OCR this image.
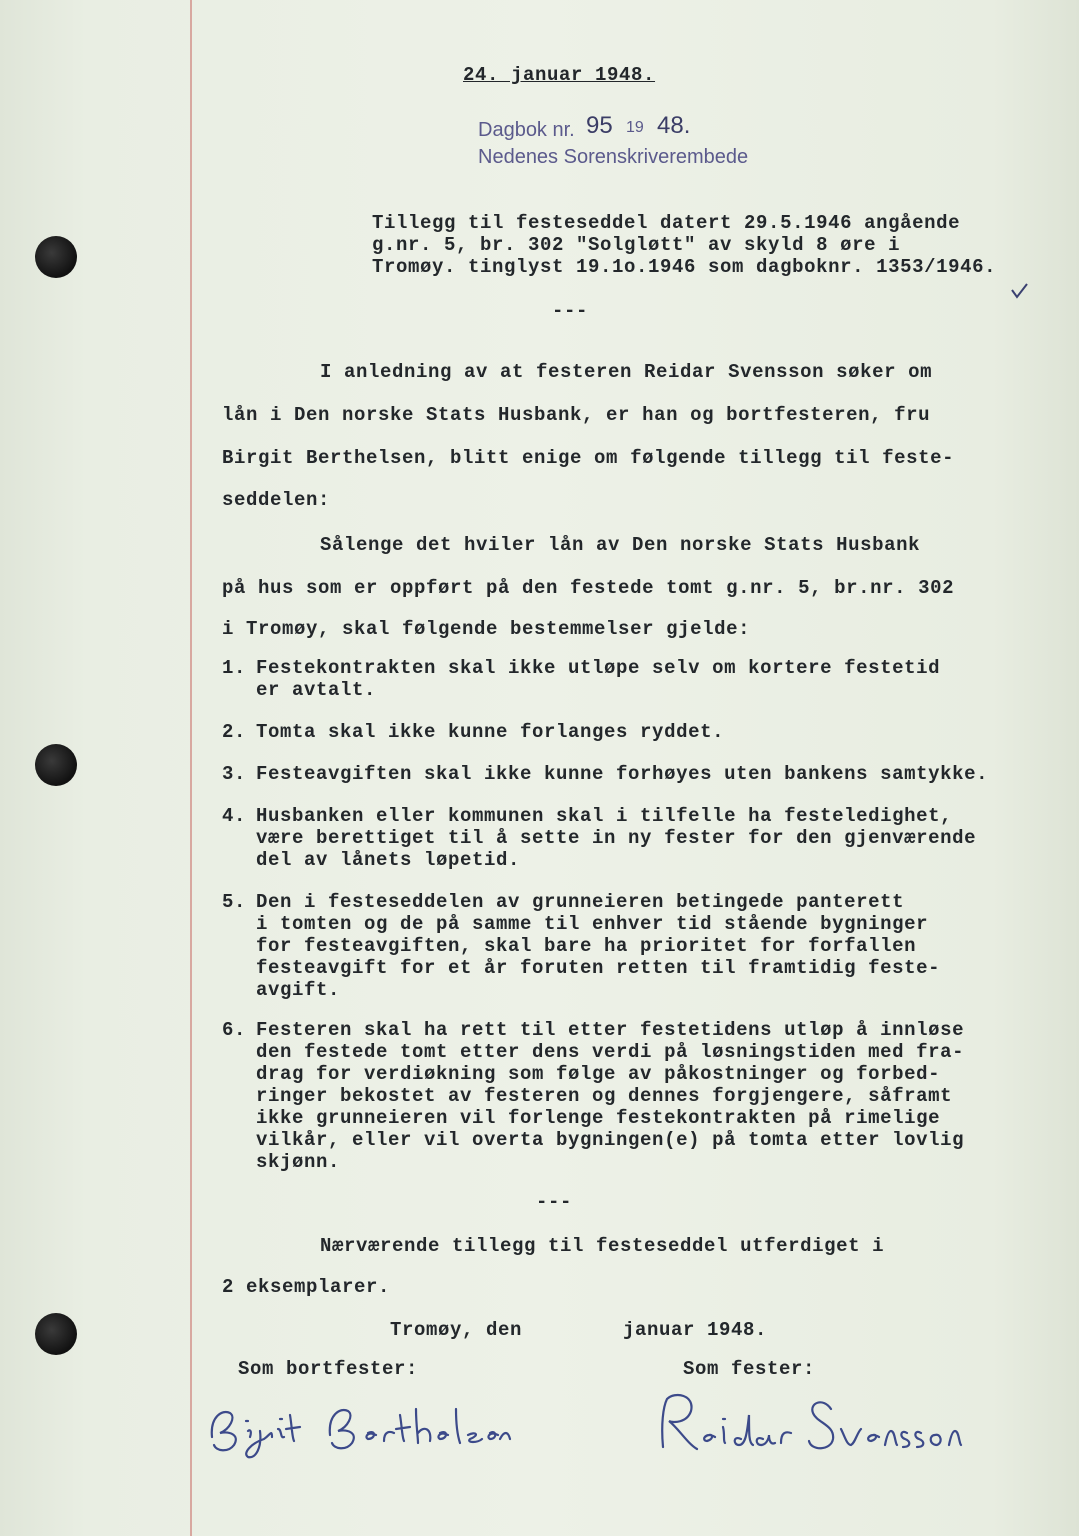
24. januar 1948.
Dagbok nr. 95 19 48.
Nedenes Sorenskriverembede
Tillegg til festeseddel datert 29.5.1946 angående
g.nr. 5, br. 302 "Solgløtt" av skyld 8 øre i
Tromøy. tinglyst 19.1o.1946 som dagboknr. 1353/1946.
---
I anledning av at festeren Reidar Svensson søker om
lån i Den norske Stats Husbank, er han og bortfesteren, fru
Birgit Berthelsen, blitt enige om følgende tillegg til feste-
seddelen:
Sålenge det hviler lån av Den norske Stats Husbank
på hus som er oppført på den festede tomt g.nr. 5, br.nr. 302
i Tromøy, skal følgende bestemmelser gjelde:
1. Festekontrakten skal ikke utløpe selv om kortere festetid
er avtalt.
2. Tomta skal ikke kunne forlanges ryddet.
3. Festeavgiften skal ikke kunne forhøyes uten bankens samtykke.
4. Husbanken eller kommunen skal i tilfelle ha festeledighet,
være berettiget til å sette in ny fester for den gjenværende
del av lånets løpetid.
5. Den i festeseddelen av grunneieren betingede panterett
i tomten og de på samme til enhver tid stående bygninger
for festeavgiften, skal bare ha prioritet for forfallen
festeavgift for et år foruten retten til framtidig feste-
avgift.
6. Festeren skal ha rett til etter festetidens utløp å innløse
den festede tomt etter dens verdi på løsningstiden med fra-
drag for verdiøkning som følge av påkostninger og forbed-
ringer bekostet av festeren og dennes forgjengere, såframt
ikke grunneieren vil forlenge festekontrakten på rimelige
vilkår, eller vil overta bygningen(e) på tomta etter lovlig
skjønn.
---
Nærværende tillegg til festeseddel utferdiget i
2 eksemplarer.
Tromøy, den	januar 1948.
Som bortfester:	Som fester:
